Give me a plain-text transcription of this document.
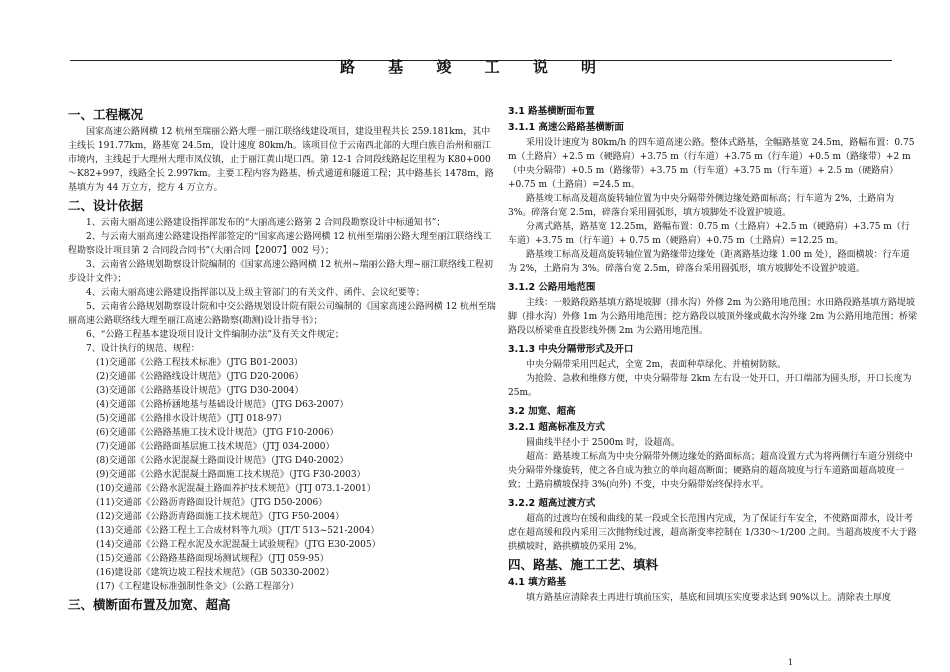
路 基 竣 工 说 明
一、工程概况

国家高速公路网横 12 杭州至瑞丽公路大理一丽江联络线建设项目，建设里程共长 259.181km，其中主线长 191.77km，路基宽 24.5m，设计速度 80km/h。该项目位于云南西北部的大理白族自治州和丽江市境内，主线起于大理州大理市凤仪镇，止于丽江黄山堤口西。第 12-1 合同段线路起讫里程为 K80+000～K82+997，线路全长 2.997km。主要工程内容为路基、桥式通道和隧道工程；其中路基长 1478m，路基填方为 44 万立方，挖方 4 万立方。

二、设计依据

1、云南大丽高速公路建设指挥部发布的“大丽高速公路第 2 合同段勘察设计中标通知书”；

2、与云南大丽高速公路建设指挥部签定的“国家高速公路网横 12 杭州至瑞丽公路大理至丽江联络线工程勘察设计项目第 2 合同段合同书”（大丽合同【2007】002 号）；

3、云南省公路规划勘察设计院编制的《国家高速公路网横 12 杭州~瑞丽公路大理~丽江联络线工程初步设计文件》；

4、云南大丽高速公路建设指挥部以及上级主管部门的有关文件、函件、会议纪要等；

5、云南省公路规划勘察设计院和中交公路规划设计院有限公司编制的《国家高速公路网横 12 杭州至瑞丽高速公路联络线大理至丽江高速公路勘察(勘测)设计指导书》；

6、“公路工程基本建设项目设计文件编制办法”及有关文件规定；

7、设计执行的规范、规程：

(1)交通部《公路工程技术标准》（JTG B01-2003）

(2)交通部《公路路线设计规范》（JTG D20-2006）

(3)交通部《公路路基设计规范》（JTG D30-2004）

(4)交通部《公路桥涵地基与基础设计规范》（JTG D63-2007）

(5)交通部《公路排水设计规范》（JTJ 018-97）

(6)交通部《公路路基施工技术设计规范》（JTG F10-2006）

(7)交通部《公路路面基层施工技术规范》（JTJ 034-2000）

(8)交通部《公路水泥混凝土路面设计规范》（JTG D40-2002）

(9)交通部《公路水泥混凝土路面施工技术规范》（JTG F30-2003）

(10)交通部《公路水泥混凝土路面养护技术规范》（JTJ 073.1-2001）

(11)交通部《公路沥青路面设计规范》（JTG D50-2006）

(12)交通部《公路沥青路面施工技术规范》（JTG F50-2004）

(13)交通部《公路工程土工合成材料等九项》（JT/T 513~521-2004）

(14)交通部《公路工程水泥及水泥混凝土试验规程》（JTG E30-2005）

(15)交通部《公路路基路面现场测试规程》（JTJ 059-95）

(16)建设部《建筑边坡工程技术规范》（GB 50330-2002）

(17)《工程建设标准强制性条文》（公路工程部分）

三、横断面布置及加宽、超高
3.1 路基横断面布置
3.1.1 高速公路路基横断面

采用设计速度为 80km/h 的四车道高速公路。整体式路基，全幅路基宽 24.5m，路幅布置：0.75 m（土路肩）+2.5 m（硬路肩）+3.75 m（行车道）+3.75 m（行车道）+0.5 m（路缘带）+2 m（中央分隔带）+0.5 m（路缘带）+3.75 m（行车道）+3.75 m（行车道）+ 2.5 m（硬路肩）+0.75 m（土路肩）=24.5 m。

路基竣工标高及超高旋转轴位置为中央分隔带外侧边缘处路面标高；行车道为 2%，土路肩为 3%。碎落台宽 2.5m，碎落台采用圆弧形，填方坡脚处不设置护坡道。

分离式路基，路基宽 12.25m，路幅布置：0.75 m（土路肩）+2.5 m（硬路肩）+3.75 m（行车道）+3.75 m（行车道）+ 0.75 m（硬路肩）+0.75 m（土路肩）=12.25 m。

路基竣工标高及超高旋转轴位置为路缘带边缘处（距离路基边缘 1.00 m 处），路面横坡：行车道为 2%，土路肩为 3%。碎落台宽 2.5m，碎落台采用圆弧形，填方坡脚处不设置护坡道。

3.1.2 公路用地范围

主线：一般路段路基填方路堤坡脚（排水沟）外修 2m 为公路用地范围；水田路段路基填方路堤坡脚（排水沟）外修 1m 为公路用地范围；挖方路段以坡顶外缘或截水沟外缘 2m 为公路用地范围；桥梁路段以桥梁垂直投影线外侧 2m 为公路用地范围。

3.1.3 中央分隔带形式及开口

中央分隔带采用凹起式，全宽 2m，表面种草绿化、并植树防眩。

为抢险、急救和维修方便，中央分隔带每 2km 左右设一处开口，开口端部为圆头形，开口长度为 25m。

3.2 加宽、超高
3.2.1 超高标准及方式

圆曲线半径小于 2500m 时，设超高。

超高：路基竣工标高为中央分隔带外侧边缘处的路面标高；超高设置方式为将两侧行车道分别绕中央分隔带外缘旋转，使之各自成为独立的单向超高断面；硬路肩的超高坡度与行车道路面超高坡度一致；土路肩横坡保持 3%(向外) 不变，中央分隔带始终保持水平。

3.2.2 超高过渡方式

超高的过渡均在缓和曲线的某一段或全长范围内完成，为了保证行车安全，不使路面滞水，设计考虑在超高缓和段内采用三次抛物线过渡，超高渐变率控制在 1/330～1/200 之间。当超高坡度不大于路拱横坡时，路拱横坡仍采用 2%。

四、路基、施工工艺、填料
4.1 填方路基

填方路基应清除表土再进行填前压实，基底和回填压实度要求达到 90%以上。清除表土厚度

1
